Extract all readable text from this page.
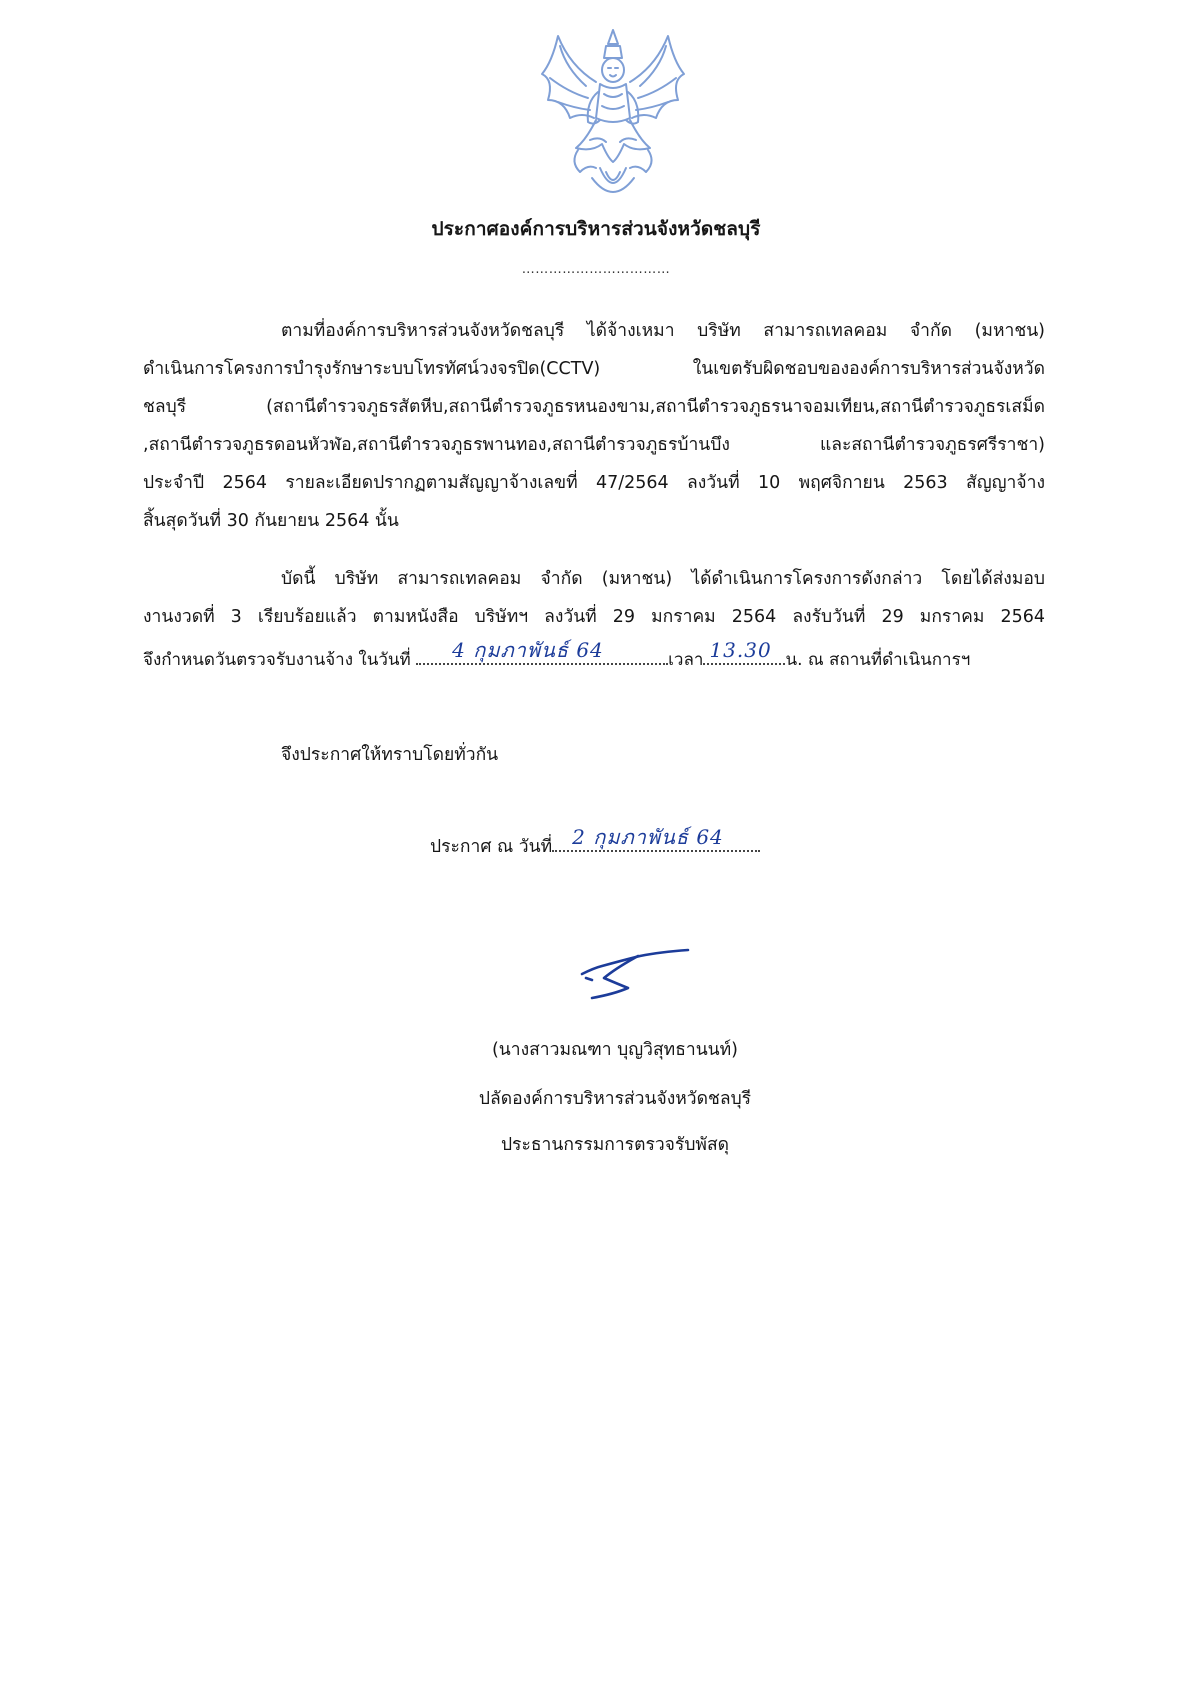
ประกาศองค์การบริหารส่วนจังหวัดชลบุรี
……………………………
ตามที่องค์การบริหารส่วนจังหวัดชลบุรี ได้จ้างเหมา บริษัท สามารถเทลคอม จำกัด (มหาชน)
ดำเนินการโครงการบำรุงรักษาระบบโทรทัศน์วงจรปิด(CCTV) ในเขตรับผิดชอบขององค์การบริหารส่วนจังหวัด
ชลบุรี (สถานีตำรวจภูธรสัตหีบ,สถานีตำรวจภูธรหนองขาม,สถานีตำรวจภูธรนาจอมเทียน,สถานีตำรวจภูธรเสม็ด
,สถานีตำรวจภูธรดอนหัวฬ่อ,สถานีตำรวจภูธรพานทอง,สถานีตำรวจภูธรบ้านบึง และสถานีตำรวจภูธรศรีราชา)
ประจำปี 2564 รายละเอียดปรากฏตามสัญญาจ้างเลขที่ 47/2564 ลงวันที่ 10 พฤศจิกายน 2563 สัญญาจ้าง
สิ้นสุดวันที่ 30 กันยายน 2564 นั้น
บัดนี้ บริษัท สามารถเทลคอม จำกัด (มหาชน) ได้ดำเนินการโครงการดังกล่าว โดยได้ส่งมอบ
งานงวดที่ 3 เรียบร้อยแล้ว ตามหนังสือ บริษัทฯ ลงวันที่ 29 มกราคม 2564 ลงรับวันที่ 29 มกราคม 2564
จึงกำหนดวันตรวจรับงานจ้าง ในวันที่ 4 กุมภาพันธ์ 64	เวลา 13.30 น. ณ สถานที่ดำเนินการฯ
จึงประกาศให้ทราบโดยทั่วกัน
ประกาศ ณ วันที่ 2 กุมภาพันธ์ 64
(นางสาวมณฑา บุญวิสุทธานนท์)
ปลัดองค์การบริหารส่วนจังหวัดชลบุรี
ประธานกรรมการตรวจรับพัสดุ
